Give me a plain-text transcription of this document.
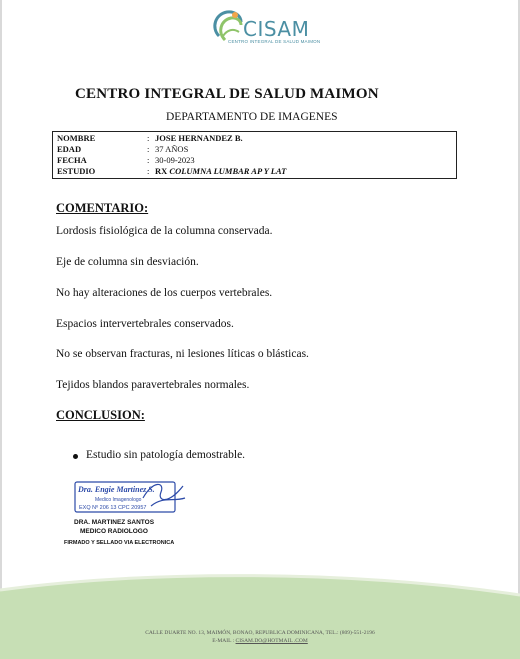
CISAM
CENTRO INTEGRAL DE SALUD MAIMON
CENTRO INTEGRAL DE SALUD MAIMON
DEPARTAMENTO DE IMAGENES
NOMBRE	: JOSE HERNANDEZ B.
EDAD	: 37 AÑOS
FECHA	: 30-09-2023
ESTUDIO	: RX COLUMNA LUMBAR AP Y LAT
COMENTARIO:
Lordosis fisiológica de la columna conservada.
Eje de columna sin desviación.
No hay alteraciones de los cuerpos vertebrales.
Espacios intervertebrales conservados.
No se observan fracturas, ni lesiones líticas o blásticas.
Tejidos blandos paravertebrales normales.
CONCLUSION:
Estudio sin patología demostrable.
Dra. Engie Martinez S.
Medico Imagenologo
EXQ Nº 206 13 CPC 20957
DRA. MARTINEZ SANTOS
MEDICO RADIOLOGO
FIRMADO Y SELLADO VIA ELECTRONICA
CALLE DUARTE NO. 13, MAIMÓN, BONAO, REPUBLICA DOMINICANA, TEL.: (809)-551-2196
E-MAIL : CISAM.DO@HOTMAIL .COM
